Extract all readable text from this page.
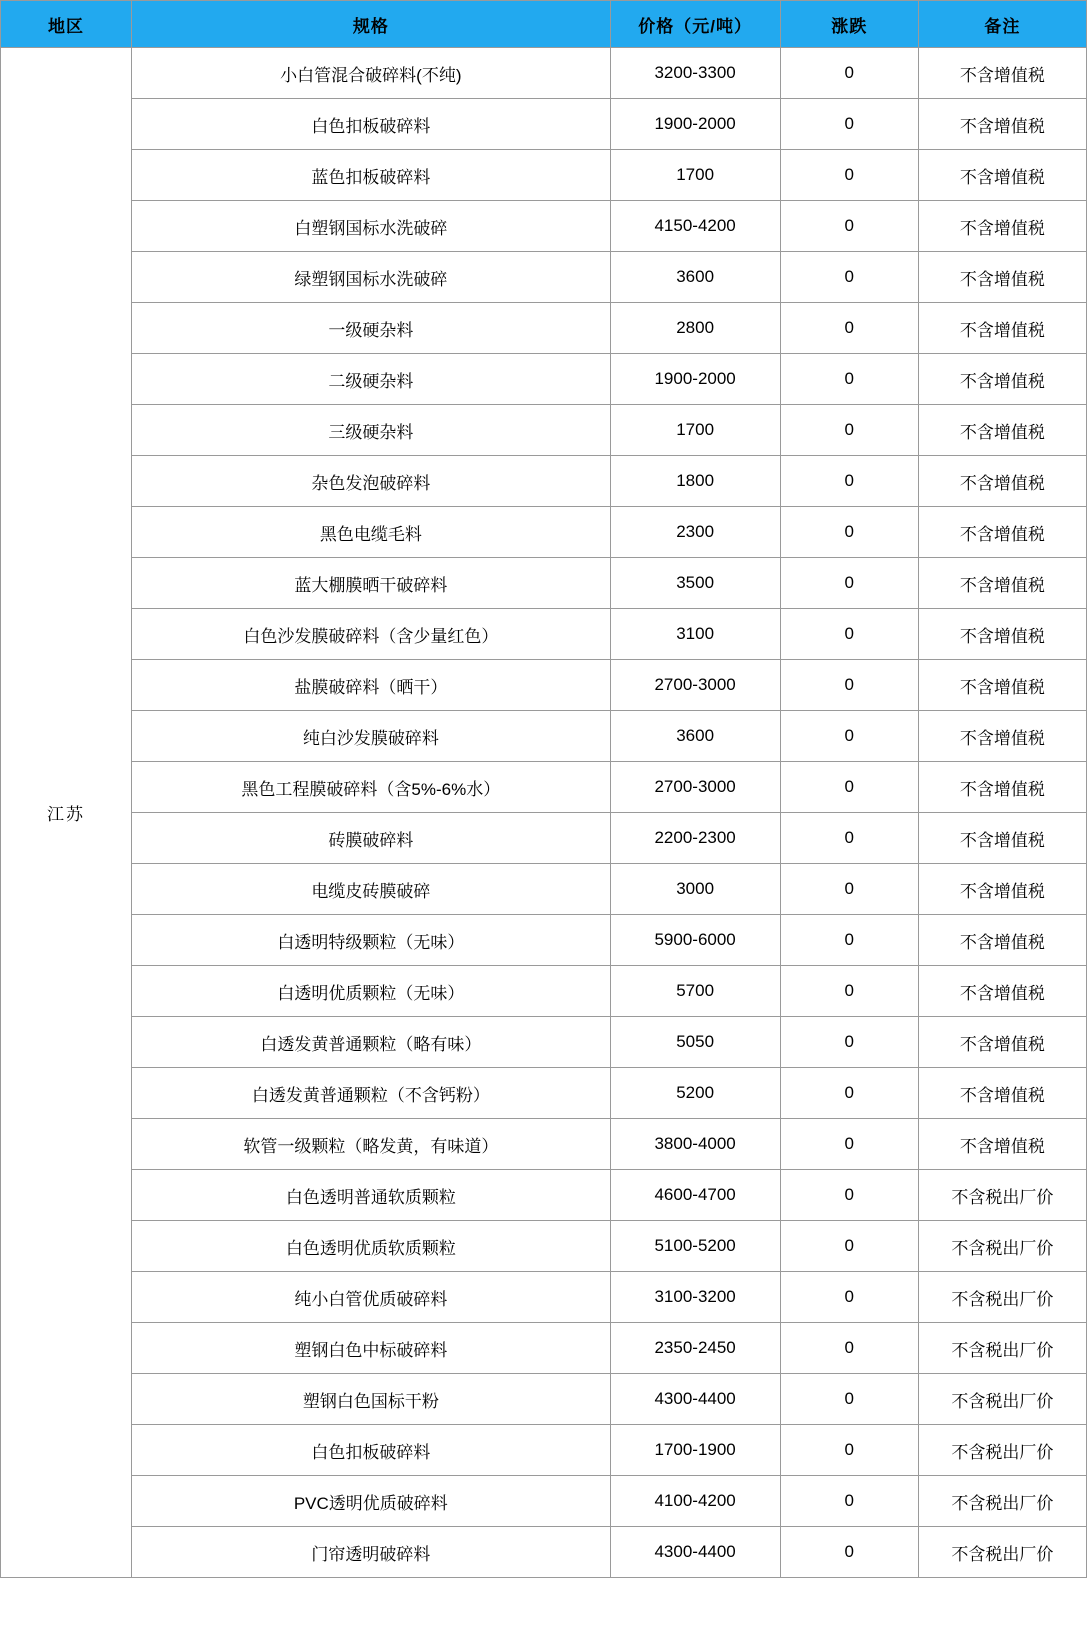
地区	规格	价格（元/吨）	涨跌	备注
江苏	小白管混合破碎料(不纯)	3200-3300	0	不含增值税
	白色扣板破碎料	1900-2000	0	不含增值税
	蓝色扣板破碎料	1700	0	不含增值税
	白塑钢国标水洗破碎	4150-4200	0	不含增值税
	绿塑钢国标水洗破碎	3600	0	不含增值税
	一级硬杂料	2800	0	不含增值税
	二级硬杂料	1900-2000	0	不含增值税
	三级硬杂料	1700	0	不含增值税
	杂色发泡破碎料	1800	0	不含增值税
	黑色电缆毛料	2300	0	不含增值税
	蓝大棚膜晒干破碎料	3500	0	不含增值税
	白色沙发膜破碎料（含少量红色）	3100	0	不含增值税
	盐膜破碎料（晒干）	2700-3000	0	不含增值税
	纯白沙发膜破碎料	3600	0	不含增值税
	黑色工程膜破碎料（含5%-6%水）	2700-3000	0	不含增值税
	砖膜破碎料	2200-2300	0	不含增值税
	电缆皮砖膜破碎	3000	0	不含增值税
	白透明特级颗粒（无味）	5900-6000	0	不含增值税
	白透明优质颗粒（无味）	5700	0	不含增值税
	白透发黄普通颗粒（略有味）	5050	0	不含增值税
	白透发黄普通颗粒（不含钙粉）	5200	0	不含增值税
	软管一级颗粒（略发黄，有味道）	3800-4000	0	不含增值税
	白色透明普通软质颗粒	4600-4700	0	不含税出厂价
	白色透明优质软质颗粒	5100-5200	0	不含税出厂价
	纯小白管优质破碎料	3100-3200	0	不含税出厂价
	塑钢白色中标破碎料	2350-2450	0	不含税出厂价
	塑钢白色国标干粉	4300-4400	0	不含税出厂价
	白色扣板破碎料	1700-1900	0	不含税出厂价
	PVC透明优质破碎料	4100-4200	0	不含税出厂价
	门帘透明破碎料	4300-4400	0	不含税出厂价
